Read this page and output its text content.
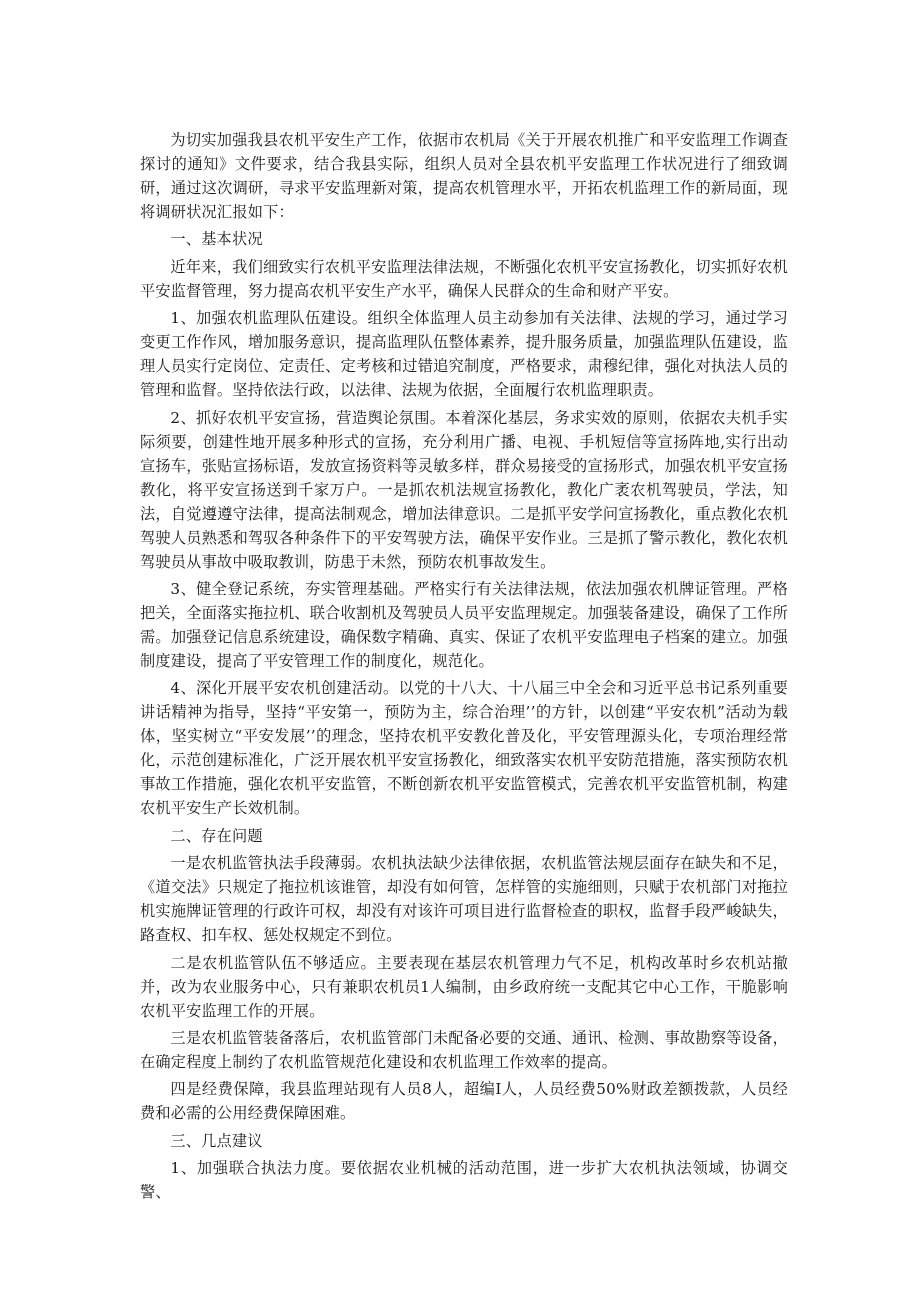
为切实加强我县农机平安生产工作，依据市农机局《关于开展农机推广和平安监理工作调查探讨的通知》文件要求，结合我县实际，组织人员对全县农机平安监理工作状况进行了细致调研，通过这次调研，寻求平安监理新对策，提高农机管理水平，开拓农机监理工作的新局面，现将调研状况汇报如下：

一、基本状况

近年来，我们细致实行农机平安监理法律法规，不断强化农机平安宣扬教化，切实抓好农机平安监督管理，努力提高农机平安生产水平，确保人民群众的生命和财产平安。

1、加强农机监理队伍建设。组织全体监理人员主动参加有关法律、法规的学习，通过学习变更工作作风，增加服务意识，提高监理队伍整体素养，提升服务质量，加强监理队伍建设，监理人员实行定岗位、定责任、定考核和过错追究制度，严格要求，肃穆纪律，强化对执法人员的管理和监督。坚持依法行政，以法律、法规为依据，全面履行农机监理职责。

2、抓好农机平安宣扬，营造舆论氛围。本着深化基层，务求实效的原则，依据农夫机手实际须要，创建性地开展多种形式的宣扬，充分利用广播、电视、手机短信等宣扬阵地,实行出动宣扬车，张贴宣扬标语，发放宣扬资料等灵敏多样，群众易接受的宣扬形式，加强农机平安宣扬教化，将平安宣扬送到千家万户。一是抓农机法规宣扬教化，教化广袤农机驾驶员，学法，知法，自觉遵遵守法律，提高法制观念，增加法律意识。二是抓平安学问宣扬教化，重点教化农机驾驶人员熟悉和驾驭各种条件下的平安驾驶方法，确保平安作业。三是抓了警示教化，教化农机驾驶员从事故中吸取教训，防患于未然，预防农机事故发生。

3、健全登记系统，夯实管理基础。严格实行有关法律法规，依法加强农机牌证管理。严格把关，全面落实拖拉机、联合收割机及驾驶员人员平安监理规定。加强装备建设，确保了工作所需。加强登记信息系统建设，确保数字精确、真实、保证了农机平安监理电子档案的建立。加强制度建设，提高了平安管理工作的制度化，规范化。

4、深化开展平安农机创建活动。以党的十八大、十八届三中全会和习近平总书记系列重要讲话精神为指导，坚持“平安第一，预防为主，综合治理’’的方针，以创建“平安农机”活动为载体，坚实树立“平安发展’’的理念，坚持农机平安教化普及化，平安管理源头化，专项治理经常化，示范创建标准化，广泛开展农机平安宣扬教化，细致落实农机平安防范措施，落实预防农机事故工作措施，强化农机平安监管，不断创新农机平安监管模式，完善农机平安监管机制，构建农机平安生产长效机制。

二、存在问题

一是农机监管执法手段薄弱。农机执法缺少法律依据，农机监管法规层面存在缺失和不足，《道交法》只规定了拖拉机该谁管，却没有如何管，怎样管的实施细则，只赋于农机部门对拖拉机实施牌证管理的行政许可权，却没有对该许可项目进行监督检查的职权，监督手段严峻缺失，路查权、扣车权、惩处权规定不到位。

二是农机监管队伍不够适应。主要表现在基层农机管理力气不足，机构改革时乡农机站撤并，改为农业服务中心，只有兼职农机员1人编制，由乡政府统一支配其它中心工作，干脆影响农机平安监理工作的开展。

三是农机监管装备落后，农机监管部门未配备必要的交通、通讯、检测、事故勘察等设备，在确定程度上制约了农机监管规范化建设和农机监理工作效率的提高。

四是经费保障，我县监理站现有人员8人，超编I人，人员经费50%财政差额拨款，人员经费和必需的公用经费保障困难。

三、几点建议

1、加强联合执法力度。要依据农业机械的活动范围，进一步扩大农机执法领域，协调交警、
